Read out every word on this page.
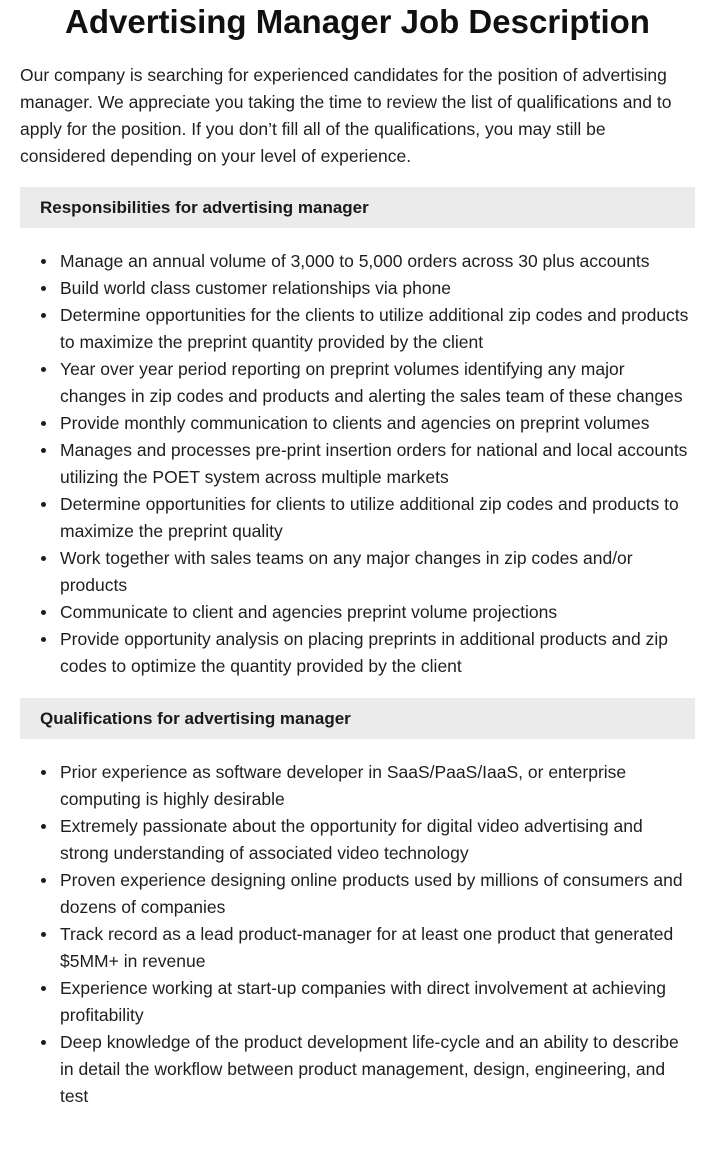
Advertising Manager Job Description

Our company is searching for experienced candidates for the position of advertising manager. We appreciate you taking the time to review the list of qualifications and to apply for the position. If you don’t fill all of the qualifications, you may still be considered depending on your level of experience.

Responsibilities for advertising manager
Manage an annual volume of 3,000 to 5,000 orders across 30 plus accounts
Build world class customer relationships via phone
Determine opportunities for the clients to utilize additional zip codes and products to maximize the preprint quantity provided by the client
Year over year period reporting on preprint volumes identifying any major changes in zip codes and products and alerting the sales team of these changes
Provide monthly communication to clients and agencies on preprint volumes
Manages and processes pre-print insertion orders for national and local accounts utilizing the POET system across multiple markets
Determine opportunities for clients to utilize additional zip codes and products to maximize the preprint quality
Work together with sales teams on any major changes in zip codes and/or products
Communicate to client and agencies preprint volume projections
Provide opportunity analysis on placing preprints in additional products and zip codes to optimize the quantity provided by the client
Qualifications for advertising manager
Prior experience as software developer in SaaS/PaaS/IaaS, or enterprise computing is highly desirable
Extremely passionate about the opportunity for digital video advertising and strong understanding of associated video technology
Proven experience designing online products used by millions of consumers and dozens of companies
Track record as a lead product-manager for at least one product that generated $5MM+ in revenue
Experience working at start-up companies with direct involvement at achieving profitability
Deep knowledge of the product development life-cycle and an ability to describe in detail the workflow between product management, design, engineering, and test
